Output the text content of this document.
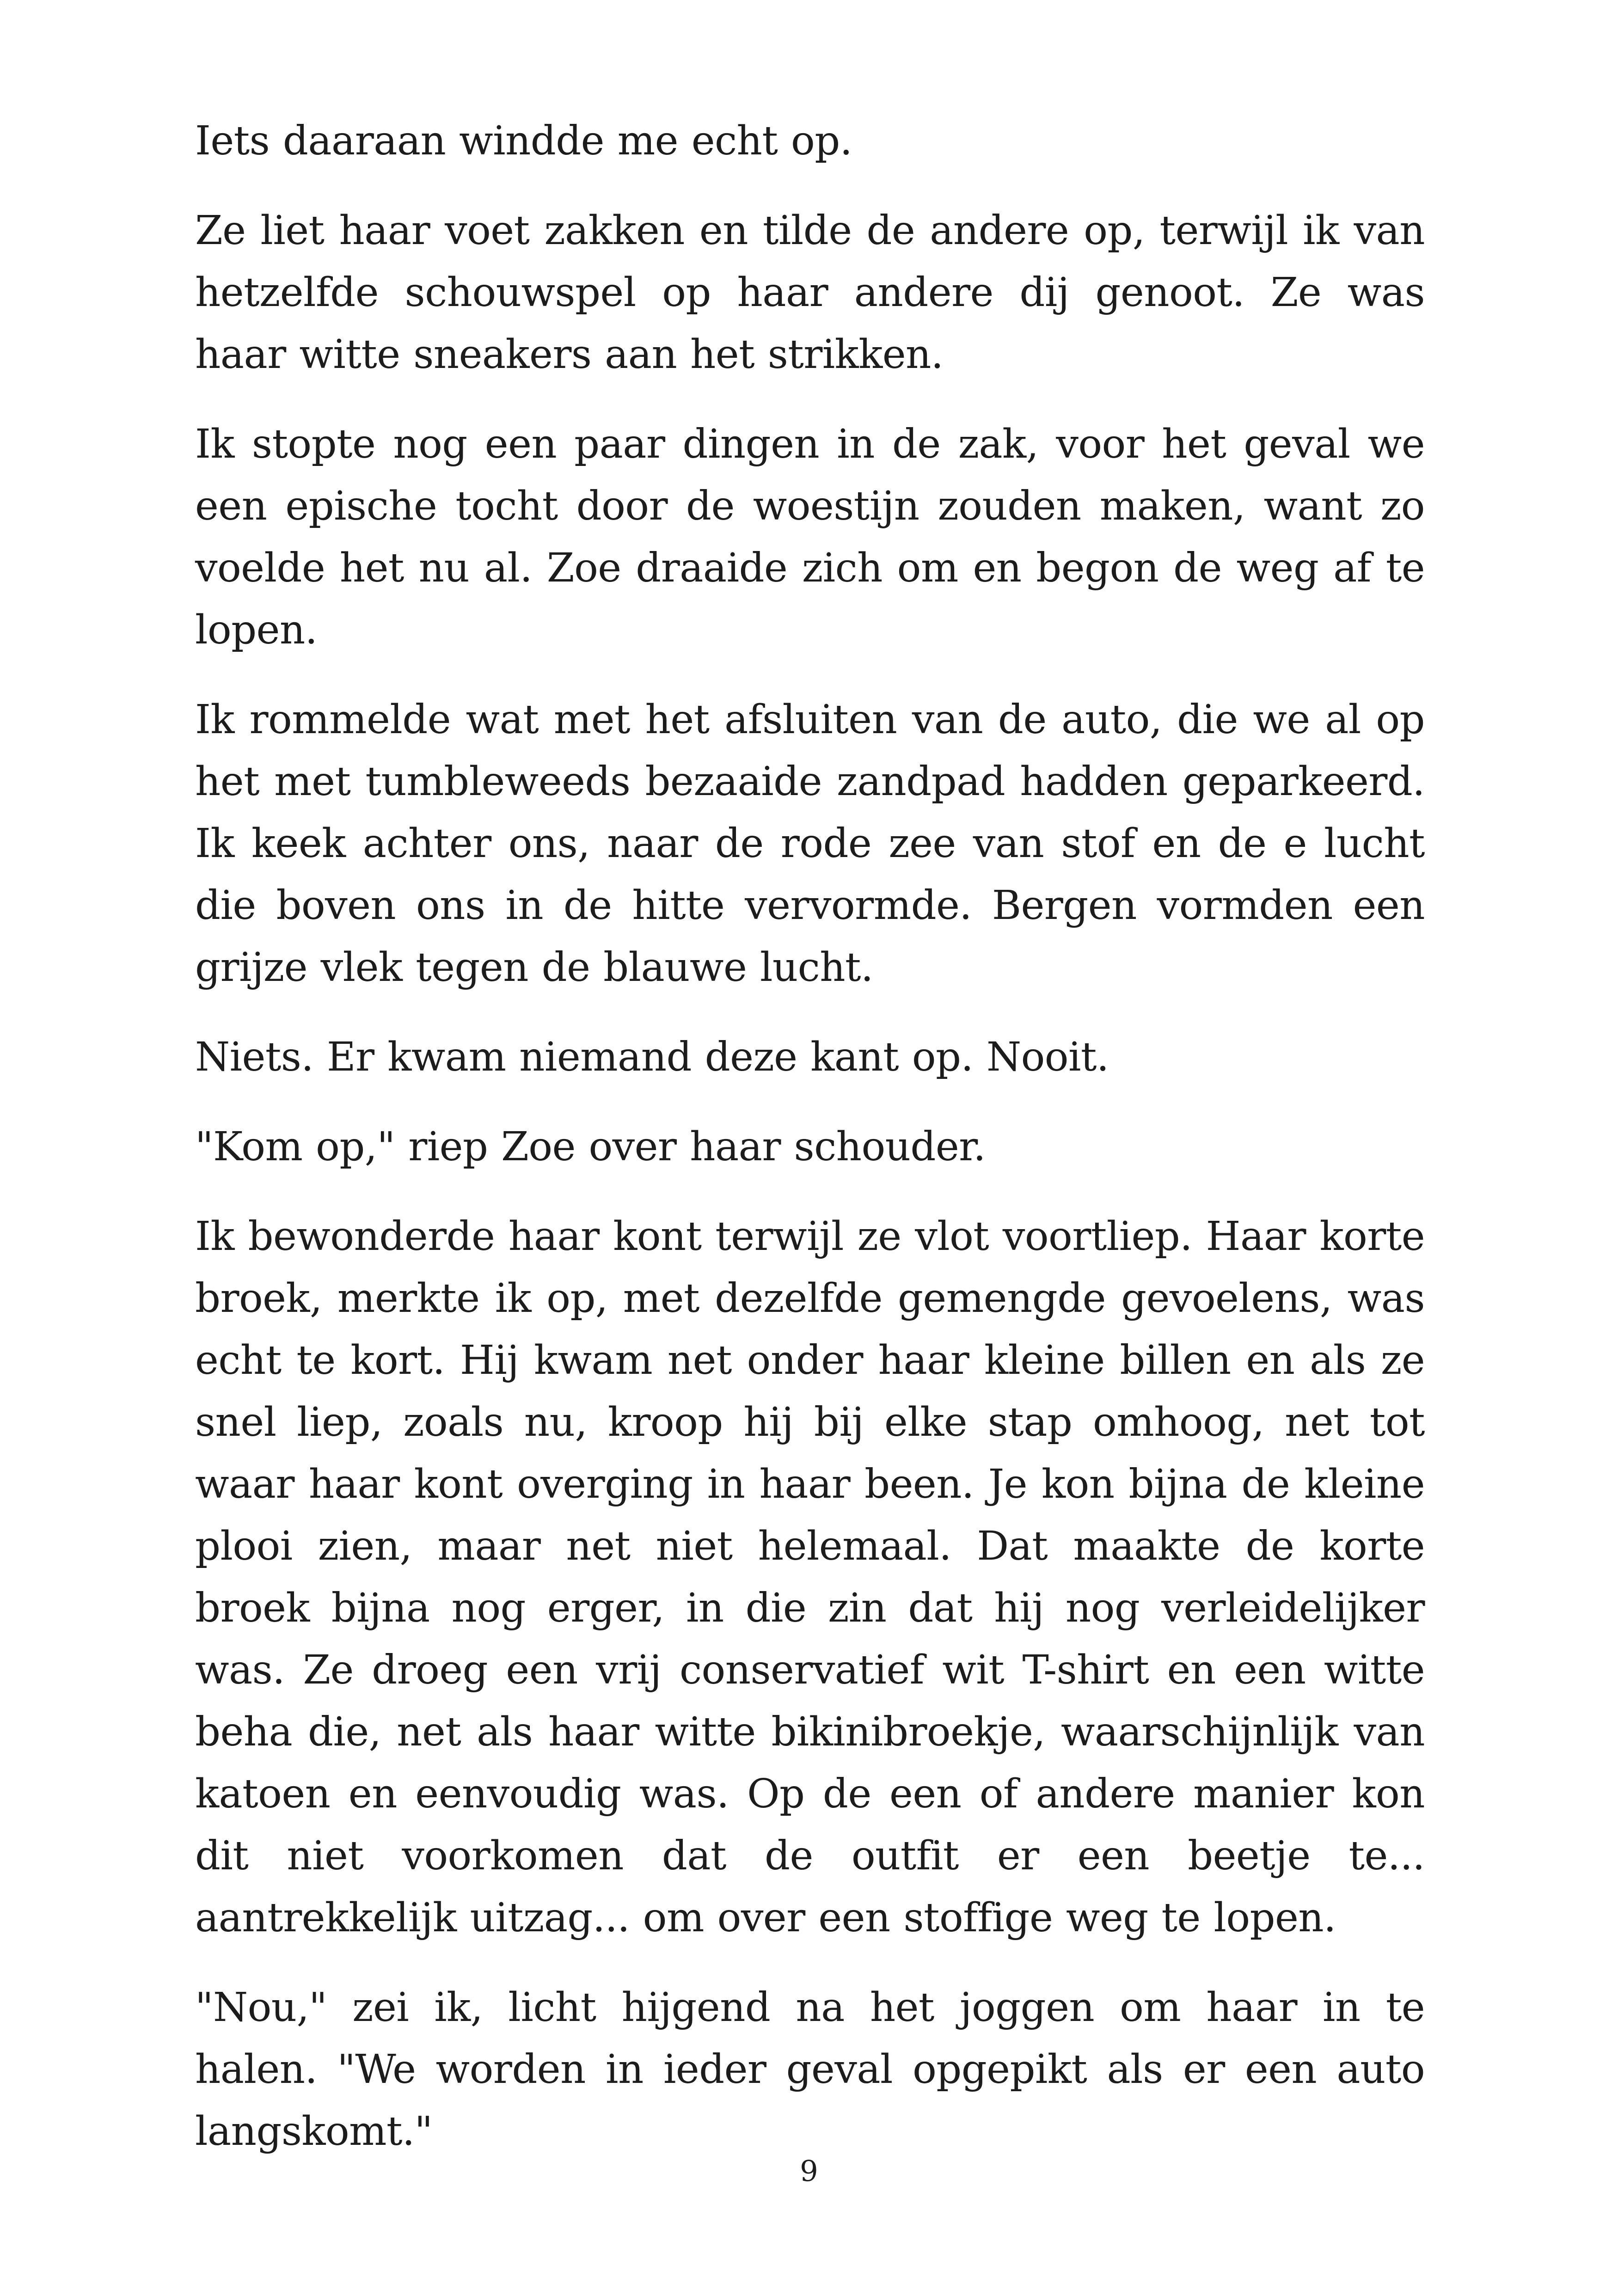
Iets daaraan windde me echt op.

Ze liet haar voet zakken en tilde de andere op, terwijl ik van hetzelfde schouwspel op haar andere dij genoot. Ze was haar witte sneakers aan het strikken.

Ik stopte nog een paar dingen in de zak, voor het geval we een epische tocht door de woestijn zouden maken, want zo voelde het nu al. Zoe draaide zich om en begon de weg af te lopen.

Ik rommelde wat met het afsluiten van de auto, die we al op het met tumbleweeds bezaaide zandpad hadden geparkeerd. Ik keek achter ons, naar de rode zee van stof en de e lucht die boven ons in de hitte vervormde. Bergen vormden een grijze vlek tegen de blauwe lucht.

Niets. Er kwam niemand deze kant op. Nooit.

"Kom op," riep Zoe over haar schouder.

Ik bewonderde haar kont terwijl ze vlot voortliep. Haar korte broek, merkte ik op, met dezelfde gemengde gevoelens, was echt te kort. Hij kwam net onder haar kleine billen en als ze snel liep, zoals nu, kroop hij bij elke stap omhoog, net tot waar haar kont overging in haar been. Je kon bijna de kleine plooi zien, maar net niet helemaal. Dat maakte de korte broek bijna nog erger, in die zin dat hij nog verleidelijker was. Ze droeg een vrij conservatief wit T-shirt en een witte beha die, net als haar witte bikinibroekje, waarschijnlijk van katoen en eenvoudig was. Op de een of andere manier kon dit niet voorkomen dat de outfit er een beetje te... aantrekkelijk uitzag... om over een stoffige weg te lopen.

"Nou," zei ik, licht hijgend na het joggen om haar in te halen. "We worden in ieder geval opgepikt als er een auto langskomt."

9
